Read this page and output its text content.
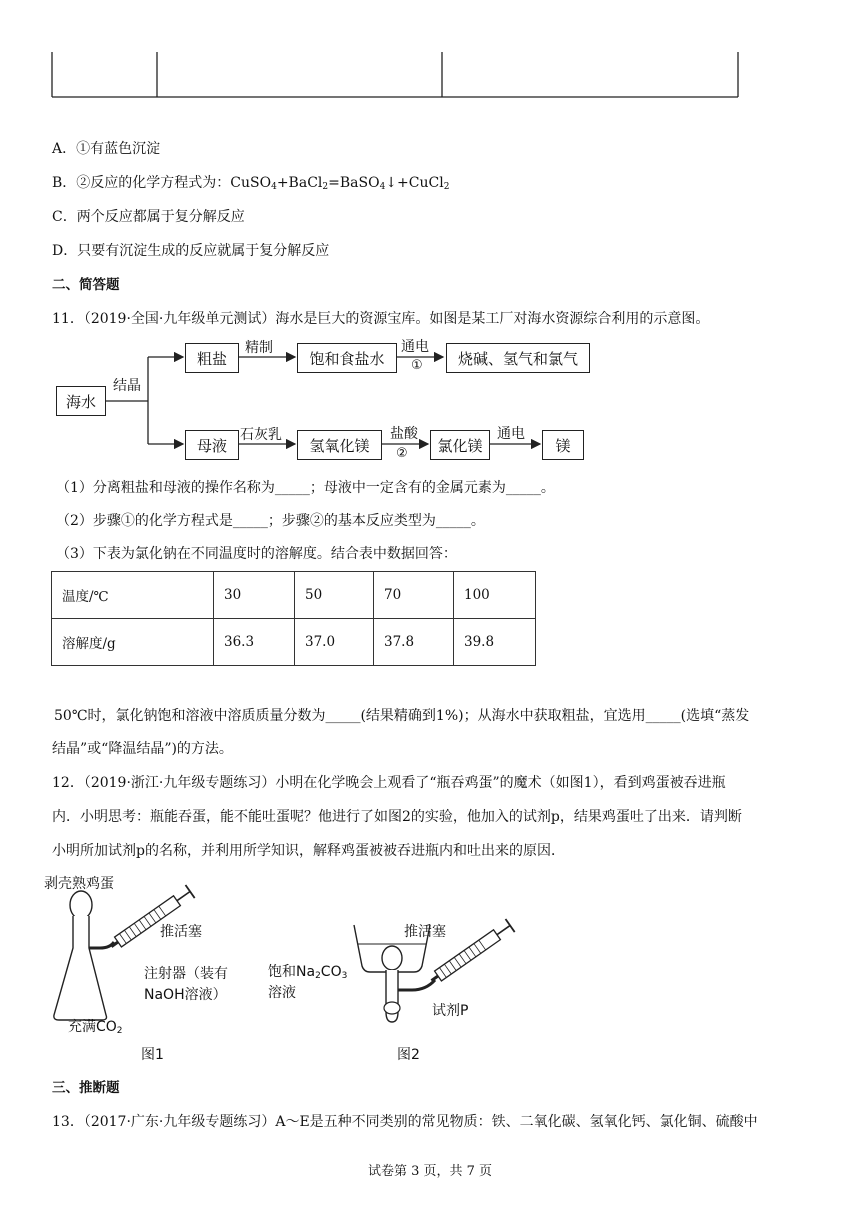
A．①有蓝色沉淀
B．②反应的化学方程式为：CuSO$_4$+BaCl$_2$=BaSO$_4$↓+CuCl$_2$
C．两个反应都属于复分解反应
D．只要有沉淀生成的反应就属于复分解反应
二、简答题
11．（2019·全国·九年级单元测试）海水是巨大的资源宝库。如图是某工厂对海水资源综合利用的示意图。
海水
结晶
粗盐
精制
饱和食盐水
通电
①	烧碱、氢气和氯气
母液
石灰乳
氢氧化镁
盐酸
②	氯化镁
通电
镁
（1）分离粗盐和母液的操作名称为_____；母液中一定含有的金属元素为_____。
（2）步骤①的化学方程式是_____；步骤②的基本反应类型为_____。
（3）下表为氯化钠在不同温度时的溶解度。结合表中数据回答：
温度/℃	30	50	70	100
溶解度/g	36.3	37.0	37.8	39.8
50℃时，氯化钠饱和溶液中溶质质量分数为_____(结果精确到1%)；从海水中获取粗盐，宜选用_____(选填“蒸发
结晶”或“降温结晶”)的方法。
12．（2019·浙江·九年级专题练习）小明在化学晚会上观看了“瓶吞鸡蛋”的魔术（如图1），看到鸡蛋被吞进瓶
内．小明思考：瓶能吞蛋，能不能吐蛋呢？他进行了如图2的实验，他加入的试剂p，结果鸡蛋吐了出来．请判断
小明所加试剂p的名称，并利用所学知识，解释鸡蛋被被吞进瓶内和吐出来的原因．
剥壳熟鸡蛋
推活塞
注射器（装有
NaOH溶液）
充满$CO_2$
图1
推活塞
饱和$Na_2CO_3$
溶液
试剂P
图2
三、推断题
13．（2017·广东·九年级专题练习）A～E是五种不同类别的常见物质：铁、二氧化碳、氢氧化钙、氯化铜、硫酸中
试卷第 3 页，共 7 页
